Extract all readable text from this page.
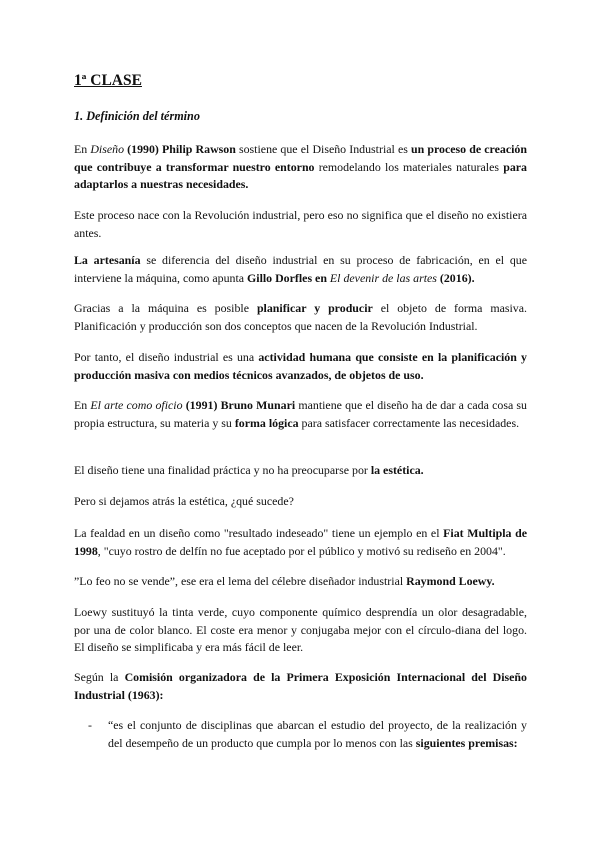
1ª CLASE
1. Definición del término

En Diseño (1990) Philip Rawson sostiene que el Diseño Industrial es un proceso de creación que contribuye a transformar nuestro entorno remodelando los materiales naturales para adaptarlos a nuestras necesidades.

Este proceso nace con la Revolución industrial, pero eso no significa que el diseño no existiera antes.

La artesanía se diferencia del diseño industrial en su proceso de fabricación, en el que interviene la máquina, como apunta Gillo Dorfles en El devenir de las artes (2016).

Gracias a la máquina es posible planificar y producir el objeto de forma masiva. Planificación y producción son dos conceptos que nacen de la Revolución Industrial.

Por tanto, el diseño industrial es una actividad humana que consiste en la planificación y producción masiva con medios técnicos avanzados, de objetos de uso.

En El arte como oficio (1991) Bruno Munari mantiene que el diseño ha de dar a cada cosa su propia estructura, su materia y su forma lógica para satisfacer correctamente las necesidades.

El diseño tiene una finalidad práctica y no ha preocuparse por la estética.

Pero si dejamos atrás la estética, ¿qué sucede?

La fealdad en un diseño como "resultado indeseado" tiene un ejemplo en el Fiat Multipla de 1998, "cuyo rostro de delfín no fue aceptado por el público y motivó su rediseño en 2004".

”Lo feo no se vende”, ese era el lema del célebre diseñador industrial Raymond Loewy.

Loewy sustituyó la tinta verde, cuyo componente químico desprendía un olor desagradable, por una de color blanco. El coste era menor y conjugaba mejor con el círculo-diana del logo. El diseño se simplificaba y era más fácil de leer.

Según la Comisión organizadora de la Primera Exposición Internacional del Diseño Industrial (1963):

- “es el conjunto de disciplinas que abarcan el estudio del proyecto, de la realización y del desempeño de un producto que cumpla por lo menos con las siguientes premisas:
